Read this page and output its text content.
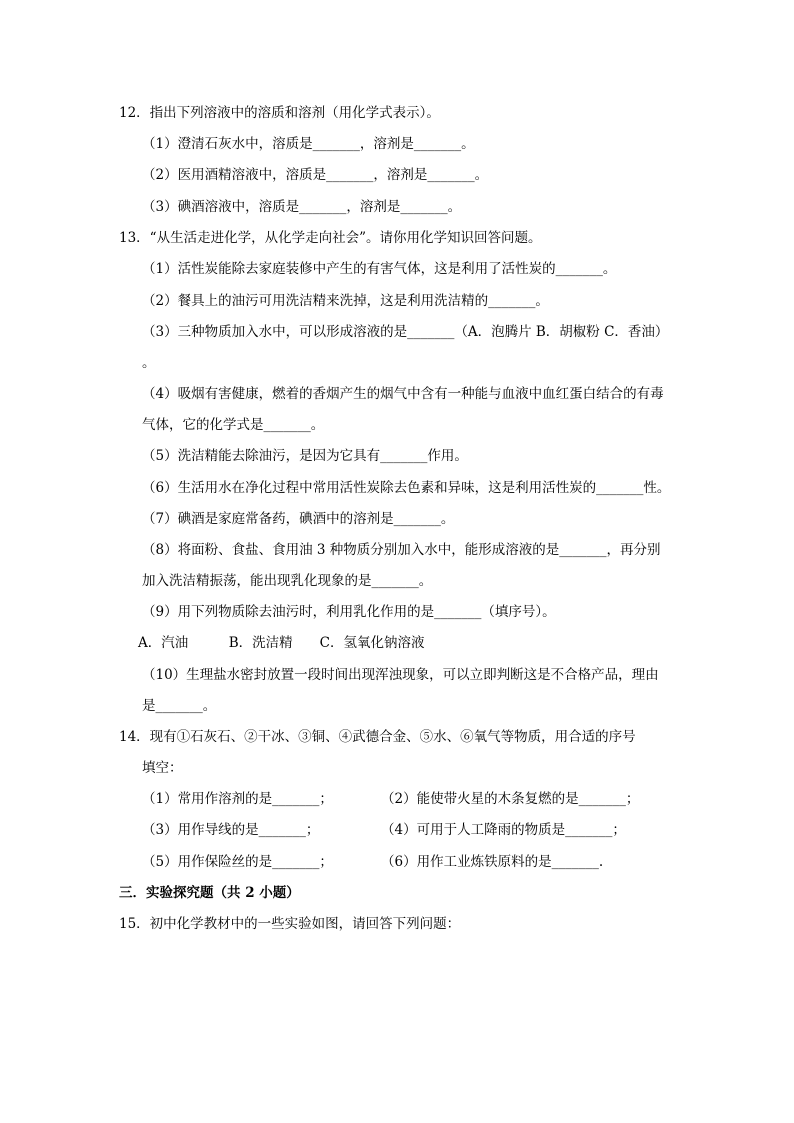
12．指出下列溶液中的溶质和溶剂（用化学式表示）。
（1）澄清石灰水中，溶质是_______，溶剂是_______。
（2）医用酒精溶液中，溶质是_______，溶剂是_______。
（3）碘酒溶液中，溶质是_______，溶剂是_______。
13．“从生活走进化学，从化学走向社会”。请你用化学知识回答问题。
（1）活性炭能除去家庭装修中产生的有害气体，这是利用了活性炭的_______。
（2）餐具上的油污可用洗洁精来洗掉，这是利用洗洁精的_______。
（3）三种物质加入水中，可以形成溶液的是_______（A．泡腾片 B．胡椒粉 C．香油）
。
（4）吸烟有害健康，燃着的香烟产生的烟气中含有一种能与血液中血红蛋白结合的有毒
气体，它的化学式是_______。
（5）洗洁精能去除油污，是因为它具有_______作用。
（6）生活用水在净化过程中常用活性炭除去色素和异味，这是利用活性炭的_______性。
（7）碘酒是家庭常备药，碘酒中的溶剂是_______。
（8）将面粉、食盐、食用油 3 种物质分别加入水中，能形成溶液的是_______，再分别
加入洗洁精振荡，能出现乳化现象的是_______。
（9）用下列物质除去油污时，利用乳化作用的是_______（填序号）。
A．汽油　　　B．洗洁精　　C．氢氧化钠溶液
（10）生理盐水密封放置一段时间出现浑浊现象，可以立即判断这是不合格产品，理由
是_______。
14．现有①石灰石、②干冰、③铜、④武德合金、⑤水、⑥氧气等物质，用合适的序号
填空：
（1）常用作溶剂的是_______；	（2）能使带火星的木条复燃的是_______；
（3）用作导线的是_______；	（4）可用于人工降雨的物质是_______；
（5）用作保险丝的是_______；	（6）用作工业炼铁原料的是_______.
三．实验探究题（共 2 小题）
15．初中化学教材中的一些实验如图，请回答下列问题：
